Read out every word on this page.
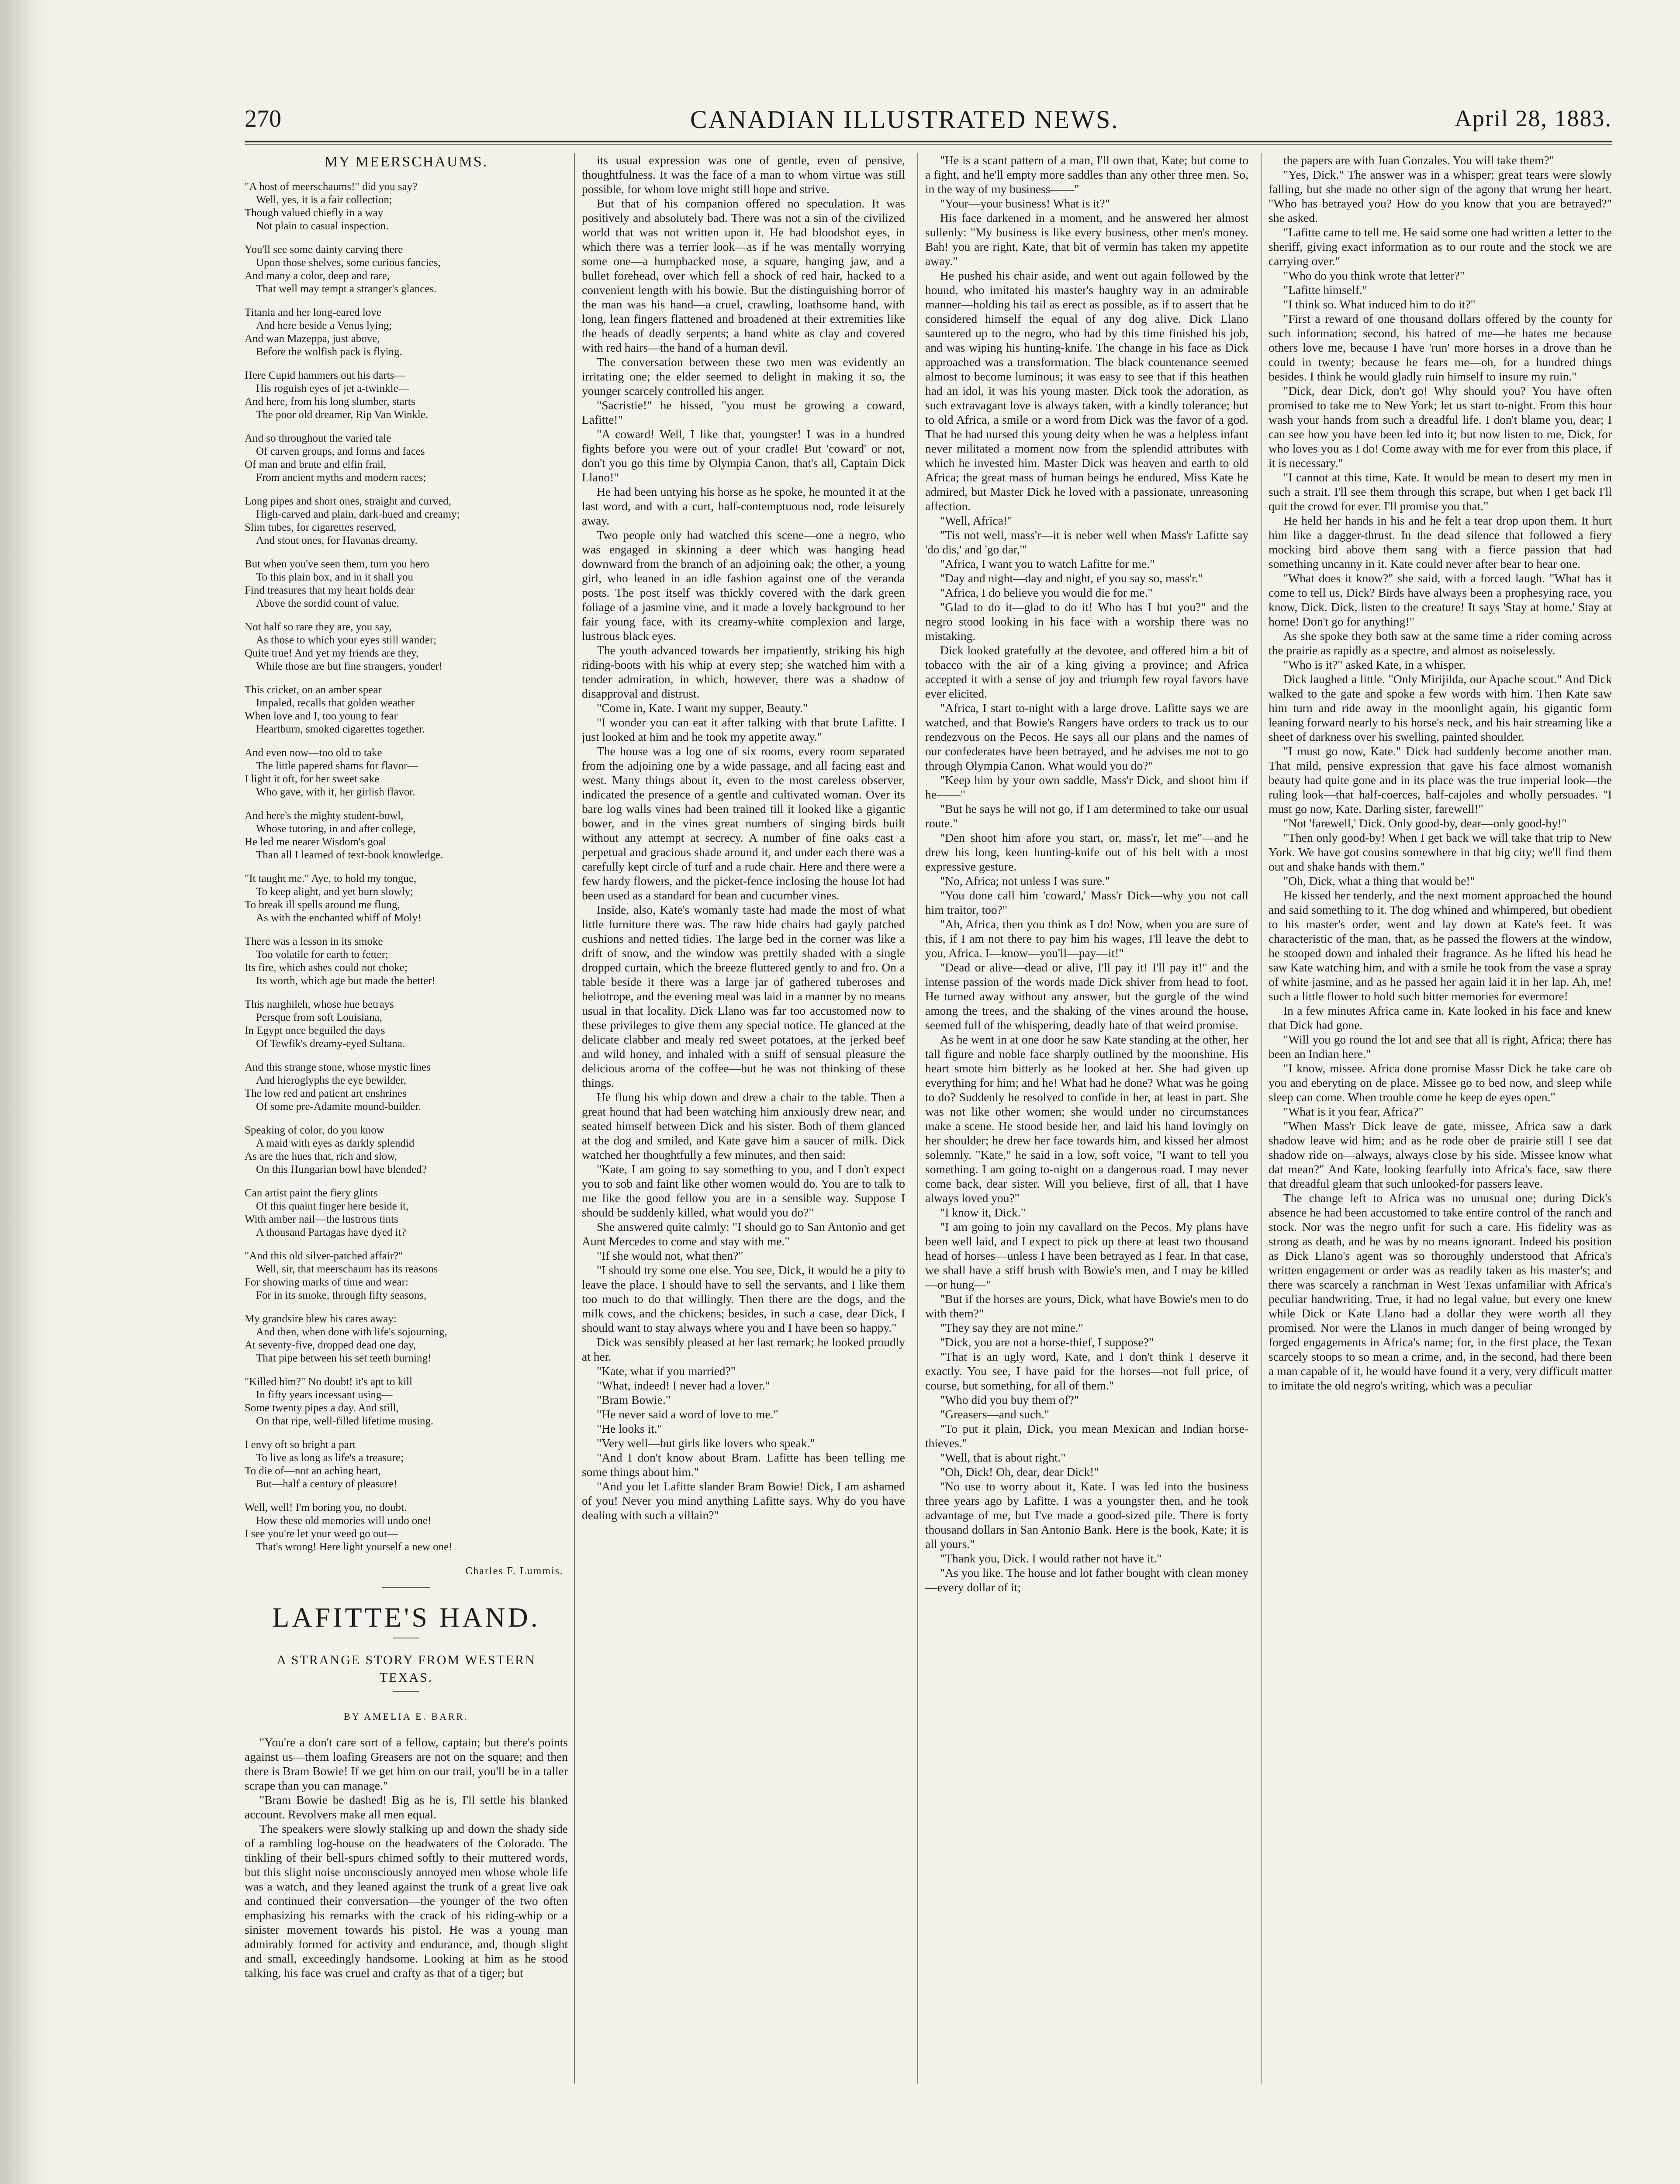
270	CANADIAN ILLUSTRATED NEWS.	April 28, 1883.
MY MEERSCHAUMS.

"A host of meerschaums!" did you say?

Well, yes, it is a fair collection;

Though valued chiefly in a way

Not plain to casual inspection.

You'll see some dainty carving there

Upon those shelves, some curious fancies,

And many a color, deep and rare,

That well may tempt a stranger's glances.

Titania and her long-eared love

And here beside a Venus lying;

And wan Mazeppa, just above,

Before the wolfish pack is flying.

Here Cupid hammers out his darts—

His roguish eyes of jet a-twinkle—

And here, from his long slumber, starts

The poor old dreamer, Rip Van Winkle.

And so throughout the varied tale

Of carven groups, and forms and faces

Of man and brute and elfin frail,

From ancient myths and modern races;

Long pipes and short ones, straight and curved,

High-carved and plain, dark-hued and creamy;

Slim tubes, for cigarettes reserved,

And stout ones, for Havanas dreamy.

But when you've seen them, turn you hero

To this plain box, and in it shall you

Find treasures that my heart holds dear

Above the sordid count of value.

Not half so rare they are, you say,

As those to which your eyes still wander;

Quite true! And yet my friends are they,

While those are but fine strangers, yonder!

This cricket, on an amber spear

Impaled, recalls that golden weather

When love and I, too young to fear

Heartburn, smoked cigarettes together.

And even now—too old to take

The little papered shams for flavor—

I light it oft, for her sweet sake

Who gave, with it, her girlish flavor.

And here's the mighty student-bowl,

Whose tutoring, in and after college,

He led me nearer Wisdom's goal

Than all I learned of text-book knowledge.

"It taught me." Aye, to hold my tongue,

To keep alight, and yet burn slowly;

To break ill spells around me flung,

As with the enchanted whiff of Moly!

There was a lesson in its smoke

Too volatile for earth to fetter;

Its fire, which ashes could not choke;

Its worth, which age but made the better!

This narghileh, whose hue betrays

Persque from soft Louisiana,

In Egypt once beguiled the days

Of Tewfik's dreamy-eyed Sultana.

And this strange stone, whose mystic lines

And hieroglyphs the eye bewilder,

The low red and patient art enshrines

Of some pre-Adamite mound-builder.

Speaking of color, do you know

A maid with eyes as darkly splendid

As are the hues that, rich and slow,

On this Hungarian bowl have blended?

Can artist paint the fiery glints

Of this quaint finger here beside it,

With amber nail—the lustrous tints

A thousand Partagas have dyed it?

"And this old silver-patched affair?"

Well, sir, that meerschaum has its reasons

For showing marks of time and wear:

For in its smoke, through fifty seasons,

My grandsire blew his cares away:

And then, when done with life's sojourning,

At seventy-five, dropped dead one day,

That pipe between his set teeth burning!

"Killed him?" No doubt! it's apt to kill

In fifty years incessant using—

Some twenty pipes a day. And still,

On that ripe, well-filled lifetime musing.

I envy oft so bright a part

To live as long as life's a treasure;

To die of—not an aching heart,

But—half a century of pleasure!

Well, well! I'm boring you, no doubt.

How these old memories will undo one!

I see you're let your weed go out—

That's wrong! Here light yourself a new one!

Charles F. Lummis.
LAFITTE'S HAND.
A STRANGE STORY FROM WESTERN TEXAS.
BY AMELIA E. BARR.

"You're a don't care sort of a fellow, captain; but there's points against us—them loafing Greasers are not on the square; and then there is Bram Bowie! If we get him on our trail, you'll be in a taller scrape than you can manage."

"Bram Bowie be dashed! Big as he is, I'll settle his blanked account. Revolvers make all men equal.

The speakers were slowly stalking up and down the shady side of a rambling log-house on the headwaters of the Colorado. The tinkling of their bell-spurs chimed softly to their muttered words, but this slight noise unconsciously annoyed men whose whole life was a watch, and they leaned against the trunk of a great live oak and continued their conversation—the younger of the two often emphasizing his remarks with the crack of his riding-whip or a sinister movement towards his pistol. He was a young man admirably formed for activity and endurance, and, though slight and small, exceedingly handsome. Looking at him as he stood talking, his face was cruel and crafty as that of a tiger; but

its usual expression was one of gentle, even of pensive, thoughtfulness. It was the face of a man to whom virtue was still possible, for whom love might still hope and strive.

But that of his companion offered no speculation. It was positively and absolutely bad. There was not a sin of the civilized world that was not written upon it. He had bloodshot eyes, in which there was a terrier look—as if he was mentally worrying some one—a humpbacked nose, a square, hanging jaw, and a bullet forehead, over which fell a shock of red hair, hacked to a convenient length with his bowie. But the distinguishing horror of the man was his hand—a cruel, crawling, loathsome hand, with long, lean fingers flattened and broadened at their extremities like the heads of deadly serpents; a hand white as clay and covered with red hairs—the hand of a human devil.

The conversation between these two men was evidently an irritating one; the elder seemed to delight in making it so, the younger scarcely controlled his anger.

"Sacristie!" he hissed, "you must be growing a coward, Lafitte!"

"A coward! Well, I like that, youngster! I was in a hundred fights before you were out of your cradle! But 'coward' or not, don't you go this time by Olympia Canon, that's all, Captain Dick Llano!"

He had been untying his horse as he spoke, he mounted it at the last word, and with a curt, half-contemptuous nod, rode leisurely away.

Two people only had watched this scene—one a negro, who was engaged in skinning a deer which was hanging head downward from the branch of an adjoining oak; the other, a young girl, who leaned in an idle fashion against one of the veranda posts. The post itself was thickly covered with the dark green foliage of a jasmine vine, and it made a lovely background to her fair young face, with its creamy-white complexion and large, lustrous black eyes.

The youth advanced towards her impatiently, striking his high riding-boots with his whip at every step; she watched him with a tender admiration, in which, however, there was a shadow of disapproval and distrust.

"Come in, Kate. I want my supper, Beauty."

"I wonder you can eat it after talking with that brute Lafitte. I just looked at him and he took my appetite away."

The house was a log one of six rooms, every room separated from the adjoining one by a wide passage, and all facing east and west. Many things about it, even to the most careless observer, indicated the presence of a gentle and cultivated woman. Over its bare log walls vines had been trained till it looked like a gigantic bower, and in the vines great numbers of singing birds built without any attempt at secrecy. A number of fine oaks cast a perpetual and gracious shade around it, and under each there was a carefully kept circle of turf and a rude chair. Here and there were a few hardy flowers, and the picket-fence inclosing the house lot had been used as a standard for bean and cucumber vines.

Inside, also, Kate's womanly taste had made the most of what little furniture there was. The raw hide chairs had gayly patched cushions and netted tidies. The large bed in the corner was like a drift of snow, and the window was prettily shaded with a single dropped curtain, which the breeze fluttered gently to and fro. On a table beside it there was a large jar of gathered tuberoses and heliotrope, and the evening meal was laid in a manner by no means usual in that locality. Dick Llano was far too accustomed now to these privileges to give them any special notice. He glanced at the delicate clabber and mealy red sweet potatoes, at the jerked beef and wild honey, and inhaled with a sniff of sensual pleasure the delicious aroma of the coffee—but he was not thinking of these things.

He flung his whip down and drew a chair to the table. Then a great hound that had been watching him anxiously drew near, and seated himself between Dick and his sister. Both of them glanced at the dog and smiled, and Kate gave him a saucer of milk. Dick watched her thoughtfully a few minutes, and then said:

"Kate, I am going to say something to you, and I don't expect you to sob and faint like other women would do. You are to talk to me like the good fellow you are in a sensible way. Suppose I should be suddenly killed, what would you do?"

She answered quite calmly: "I should go to San Antonio and get Aunt Mercedes to come and stay with me."

"If she would not, what then?"

"I should try some one else. You see, Dick, it would be a pity to leave the place. I should have to sell the servants, and I like them too much to do that willingly. Then there are the dogs, and the milk cows, and the chickens; besides, in such a case, dear Dick, I should want to stay always where you and I have been so happy."

Dick was sensibly pleased at her last remark; he looked proudly at her.

"Kate, what if you married?"

"What, indeed! I never had a lover."

"Bram Bowie."

"He never said a word of love to me."

"He looks it."

"Very well—but girls like lovers who speak."

"And I don't know about Bram. Lafitte has been telling me some things about him."

"And you let Lafitte slander Bram Bowie! Dick, I am ashamed of you! Never you mind anything Lafitte says. Why do you have dealing with such a villain?"

"He is a scant pattern of a man, I'll own that, Kate; but come to a fight, and he'll empty more saddles than any other three men. So, in the way of my business——"

"Your—your business! What is it?"

His face darkened in a moment, and he answered her almost sullenly: "My business is like every business, other men's money. Bah! you are right, Kate, that bit of vermin has taken my appetite away."

He pushed his chair aside, and went out again followed by the hound, who imitated his master's haughty way in an admirable manner—holding his tail as erect as possible, as if to assert that he considered himself the equal of any dog alive. Dick Llano sauntered up to the negro, who had by this time finished his job, and was wiping his hunting-knife. The change in his face as Dick approached was a transformation. The black countenance seemed almost to become luminous; it was easy to see that if this heathen had an idol, it was his young master. Dick took the adoration, as such extravagant love is always taken, with a kindly tolerance; but to old Africa, a smile or a word from Dick was the favor of a god. That he had nursed this young deity when he was a helpless infant never militated a moment now from the splendid attributes with which he invested him. Master Dick was heaven and earth to old Africa; the great mass of human beings he endured, Miss Kate he admired, but Master Dick he loved with a passionate, unreasoning affection.

"Well, Africa!"

"Tis not well, mass'r—it is neber well when Mass'r Lafitte say 'do dis,' and 'go dar,'"

"Africa, I want you to watch Lafitte for me."

"Day and night—day and night, ef you say so, mass'r."

"Africa, I do believe you would die for me."

"Glad to do it—glad to do it! Who has I but you?" and the negro stood looking in his face with a worship there was no mistaking.

Dick looked gratefully at the devotee, and offered him a bit of tobacco with the air of a king giving a province; and Africa accepted it with a sense of joy and triumph few royal favors have ever elicited.

"Africa, I start to-night with a large drove. Lafitte says we are watched, and that Bowie's Rangers have orders to track us to our rendezvous on the Pecos. He says all our plans and the names of our confederates have been betrayed, and he advises me not to go through Olympia Canon. What would you do?"

"Keep him by your own saddle, Mass'r Dick, and shoot him if he——"

"But he says he will not go, if I am determined to take our usual route."

"Den shoot him afore you start, or, mass'r, let me"—and he drew his long, keen hunting-knife out of his belt with a most expressive gesture.

"No, Africa; not unless I was sure."

"You done call him 'coward,' Mass'r Dick—why you not call him traitor, too?"

"Ah, Africa, then you think as I do! Now, when you are sure of this, if I am not there to pay him his wages, I'll leave the debt to you, Africa. I—know—you'll—pay—it!"

"Dead or alive—dead or alive, I'll pay it! I'll pay it!" and the intense passion of the words made Dick shiver from head to foot. He turned away without any answer, but the gurgle of the wind among the trees, and the shaking of the vines around the house, seemed full of the whispering, deadly hate of that weird promise.

As he went in at one door he saw Kate standing at the other, her tall figure and noble face sharply outlined by the moonshine. His heart smote him bitterly as he looked at her. She had given up everything for him; and he! What had he done? What was he going to do? Suddenly he resolved to confide in her, at least in part. She was not like other women; she would under no circumstances make a scene. He stood beside her, and laid his hand lovingly on her shoulder; he drew her face towards him, and kissed her almost solemnly. "Kate," he said in a low, soft voice, "I want to tell you something. I am going to-night on a dangerous road. I may never come back, dear sister. Will you believe, first of all, that I have always loved you?"

"I know it, Dick."

"I am going to join my cavallard on the Pecos. My plans have been well laid, and I expect to pick up there at least two thousand head of horses—unless I have been betrayed as I fear. In that case, we shall have a stiff brush with Bowie's men, and I may be killed—or hung—"

"But if the horses are yours, Dick, what have Bowie's men to do with them?"

"They say they are not mine."

"Dick, you are not a horse-thief, I suppose?"

"That is an ugly word, Kate, and I don't think I deserve it exactly. You see, I have paid for the horses—not full price, of course, but something, for all of them."

"Who did you buy them of?"

"Greasers—and such."

"To put it plain, Dick, you mean Mexican and Indian horse-thieves."

"Well, that is about right."

"Oh, Dick! Oh, dear, dear Dick!"

"No use to worry about it, Kate. I was led into the business three years ago by Lafitte. I was a youngster then, and he took advantage of me, but I've made a good-sized pile. There is forty thousand dollars in San Antonio Bank. Here is the book, Kate; it is all yours."

"Thank you, Dick. I would rather not have it."

"As you like. The house and lot father bought with clean money—every dollar of it;

the papers are with Juan Gonzales. You will take them?"

"Yes, Dick." The answer was in a whisper; great tears were slowly falling, but she made no other sign of the agony that wrung her heart. "Who has betrayed you? How do you know that you are betrayed?" she asked.

"Lafitte came to tell me. He said some one had written a letter to the sheriff, giving exact information as to our route and the stock we are carrying over."

"Who do you think wrote that letter?"

"Lafitte himself."

"I think so. What induced him to do it?"

"First a reward of one thousand dollars offered by the county for such information; second, his hatred of me—he hates me because others love me, because I have 'run' more horses in a drove than he could in twenty; because he fears me—oh, for a hundred things besides. I think he would gladly ruin himself to insure my ruin."

"Dick, dear Dick, don't go! Why should you? You have often promised to take me to New York; let us start to-night. From this hour wash your hands from such a dreadful life. I don't blame you, dear; I can see how you have been led into it; but now listen to me, Dick, for who loves you as I do! Come away with me for ever from this place, if it is necessary."

"I cannot at this time, Kate. It would be mean to desert my men in such a strait. I'll see them through this scrape, but when I get back I'll quit the crowd for ever. I'll promise you that."

He held her hands in his and he felt a tear drop upon them. It hurt him like a dagger-thrust. In the dead silence that followed a fiery mocking bird above them sang with a fierce passion that had something uncanny in it. Kate could never after bear to hear one.

"What does it know?" she said, with a forced laugh. "What has it come to tell us, Dick? Birds have always been a prophesying race, you know, Dick. Dick, listen to the creature! It says 'Stay at home.' Stay at home! Don't go for anything!"

As she spoke they both saw at the same time a rider coming across the prairie as rapidly as a spectre, and almost as noiselessly.

"Who is it?" asked Kate, in a whisper.

Dick laughed a little. "Only Mirijilda, our Apache scout." And Dick walked to the gate and spoke a few words with him. Then Kate saw him turn and ride away in the moonlight again, his gigantic form leaning forward nearly to his horse's neck, and his hair streaming like a sheet of darkness over his swelling, painted shoulder.

"I must go now, Kate." Dick had suddenly become another man. That mild, pensive expression that gave his face almost womanish beauty had quite gone and in its place was the true imperial look—the ruling look—that half-coerces, half-cajoles and wholly persuades. "I must go now, Kate. Darling sister, farewell!"

"Not 'farewell,' Dick. Only good-by, dear—only good-by!"

"Then only good-by! When I get back we will take that trip to New York. We have got cousins somewhere in that big city; we'll find them out and shake hands with them."

"Oh, Dick, what a thing that would be!"

He kissed her tenderly, and the next moment approached the hound and said something to it. The dog whined and whimpered, but obedient to his master's order, went and lay down at Kate's feet. It was characteristic of the man, that, as he passed the flowers at the window, he stooped down and inhaled their fragrance. As he lifted his head he saw Kate watching him, and with a smile he took from the vase a spray of white jasmine, and as he passed her again laid it in her lap. Ah, me! such a little flower to hold such bitter memories for evermore!

In a few minutes Africa came in. Kate looked in his face and knew that Dick had gone.

"Will you go round the lot and see that all is right, Africa; there has been an Indian here."

"I know, missee. Africa done promise Massr Dick he take care ob you and eberyting on de place. Missee go to bed now, and sleep while sleep can come. When trouble come he keep de eyes open."

"What is it you fear, Africa?"

"When Mass'r Dick leave de gate, missee, Africa saw a dark shadow leave wid him; and as he rode ober de prairie still I see dat shadow ride on—always, always close by his side. Missee know what dat mean?" And Kate, looking fearfully into Africa's face, saw there that dreadful gleam that such unlooked-for passers leave.

The change left to Africa was no unusual one; during Dick's absence he had been accustomed to take entire control of the ranch and stock. Nor was the negro unfit for such a care. His fidelity was as strong as death, and he was by no means ignorant. Indeed his position as Dick Llano's agent was so thoroughly understood that Africa's written engagement or order was as readily taken as his master's; and there was scarcely a ranchman in West Texas unfamiliar with Africa's peculiar handwriting. True, it had no legal value, but every one knew while Dick or Kate Llano had a dollar they were worth all they promised. Nor were the Llanos in much danger of being wronged by forged engagements in Africa's name; for, in the first place, the Texan scarcely stoops to so mean a crime, and, in the second, had there been a man capable of it, he would have found it a very, very difficult matter to imitate the old negro's writing, which was a peculiar
